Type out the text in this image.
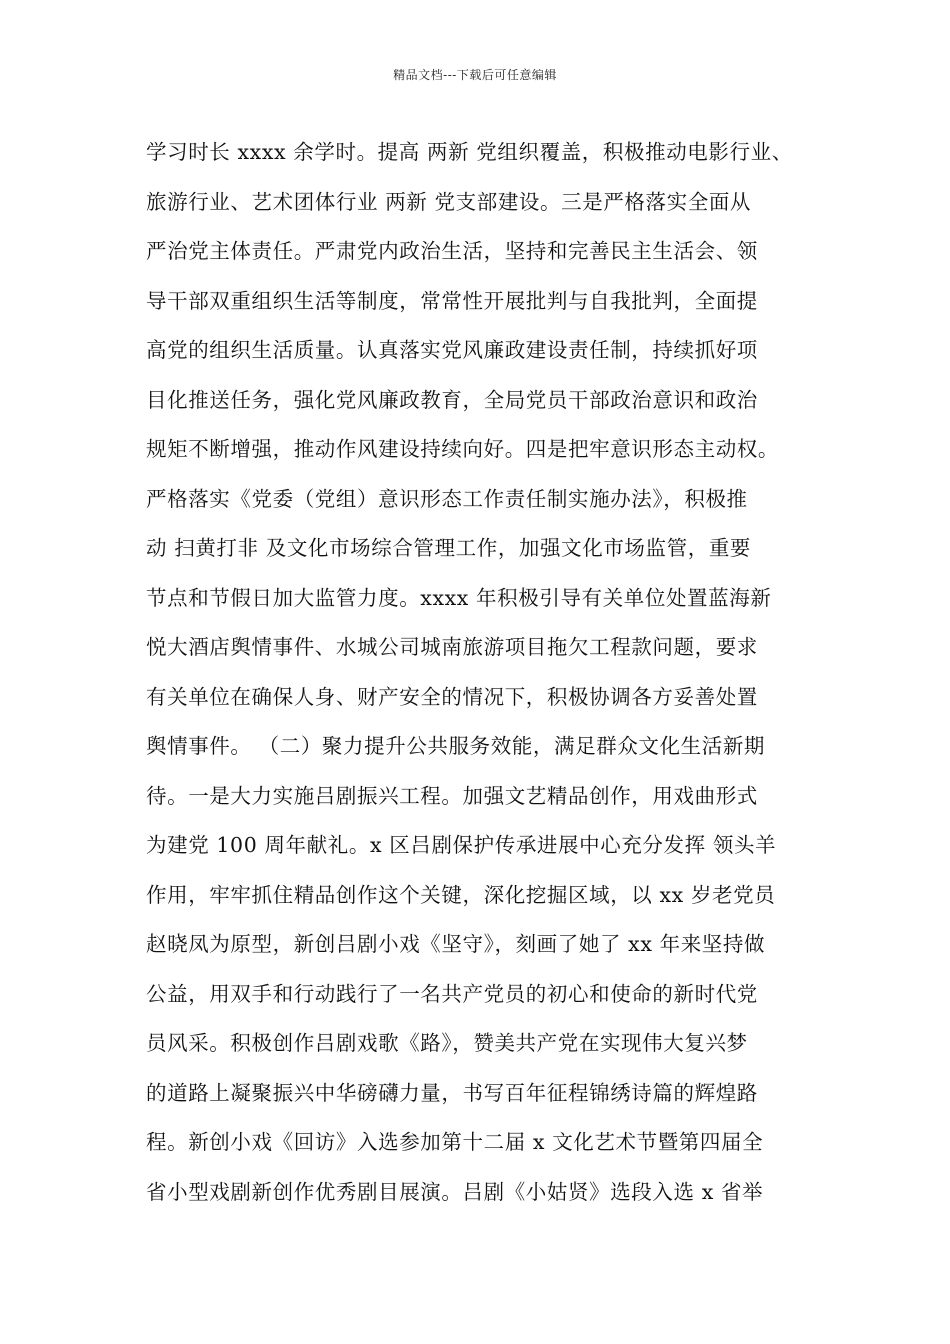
精品文档---下载后可任意编辑
学习时长 xxxx 余学时。提高 两新 党组织覆盖，积极推动电影行业、
旅游行业、艺术团体行业 两新 党支部建设。三是严格落实全面从
严治党主体责任。严肃党内政治生活，坚持和完善民主生活会、领
导干部双重组织生活等制度，常常性开展批判与自我批判，全面提
高党的组织生活质量。认真落实党风廉政建设责任制，持续抓好项
目化推送任务，强化党风廉政教育，全局党员干部政治意识和政治
规矩不断增强，推动作风建设持续向好。四是把牢意识形态主动权。
严格落实《党委（党组）意识形态工作责任制实施办法》，积极推
动 扫黄打非 及文化市场综合管理工作，加强文化市场监管，重要
节点和节假日加大监管力度。xxxx 年积极引导有关单位处置蓝海新
悦大酒店舆情事件、水城公司城南旅游项目拖欠工程款问题，要求
有关单位在确保人身、财产安全的情况下，积极协调各方妥善处置
舆情事件。 （二）聚力提升公共服务效能，满足群众文化生活新期
待。一是大力实施吕剧振兴工程。加强文艺精品创作，用戏曲形式
为建党 100 周年献礼。x 区吕剧保护传承进展中心充分发挥 领头羊
作用，牢牢抓住精品创作这个关键，深化挖掘区域，以 xx 岁老党员
赵晓凤为原型，新创吕剧小戏《坚守》，刻画了她了 xx 年来坚持做
公益，用双手和行动践行了一名共产党员的初心和使命的新时代党
员风采。积极创作吕剧戏歌《路》，赞美共产党在实现伟大复兴梦
的道路上凝聚振兴中华磅礴力量，书写百年征程锦绣诗篇的辉煌路
程。新创小戏《回访》入选参加第十二届 x 文化艺术节暨第四届全
省小型戏剧新创作优秀剧目展演。吕剧《小姑贤》选段入选 x 省举
